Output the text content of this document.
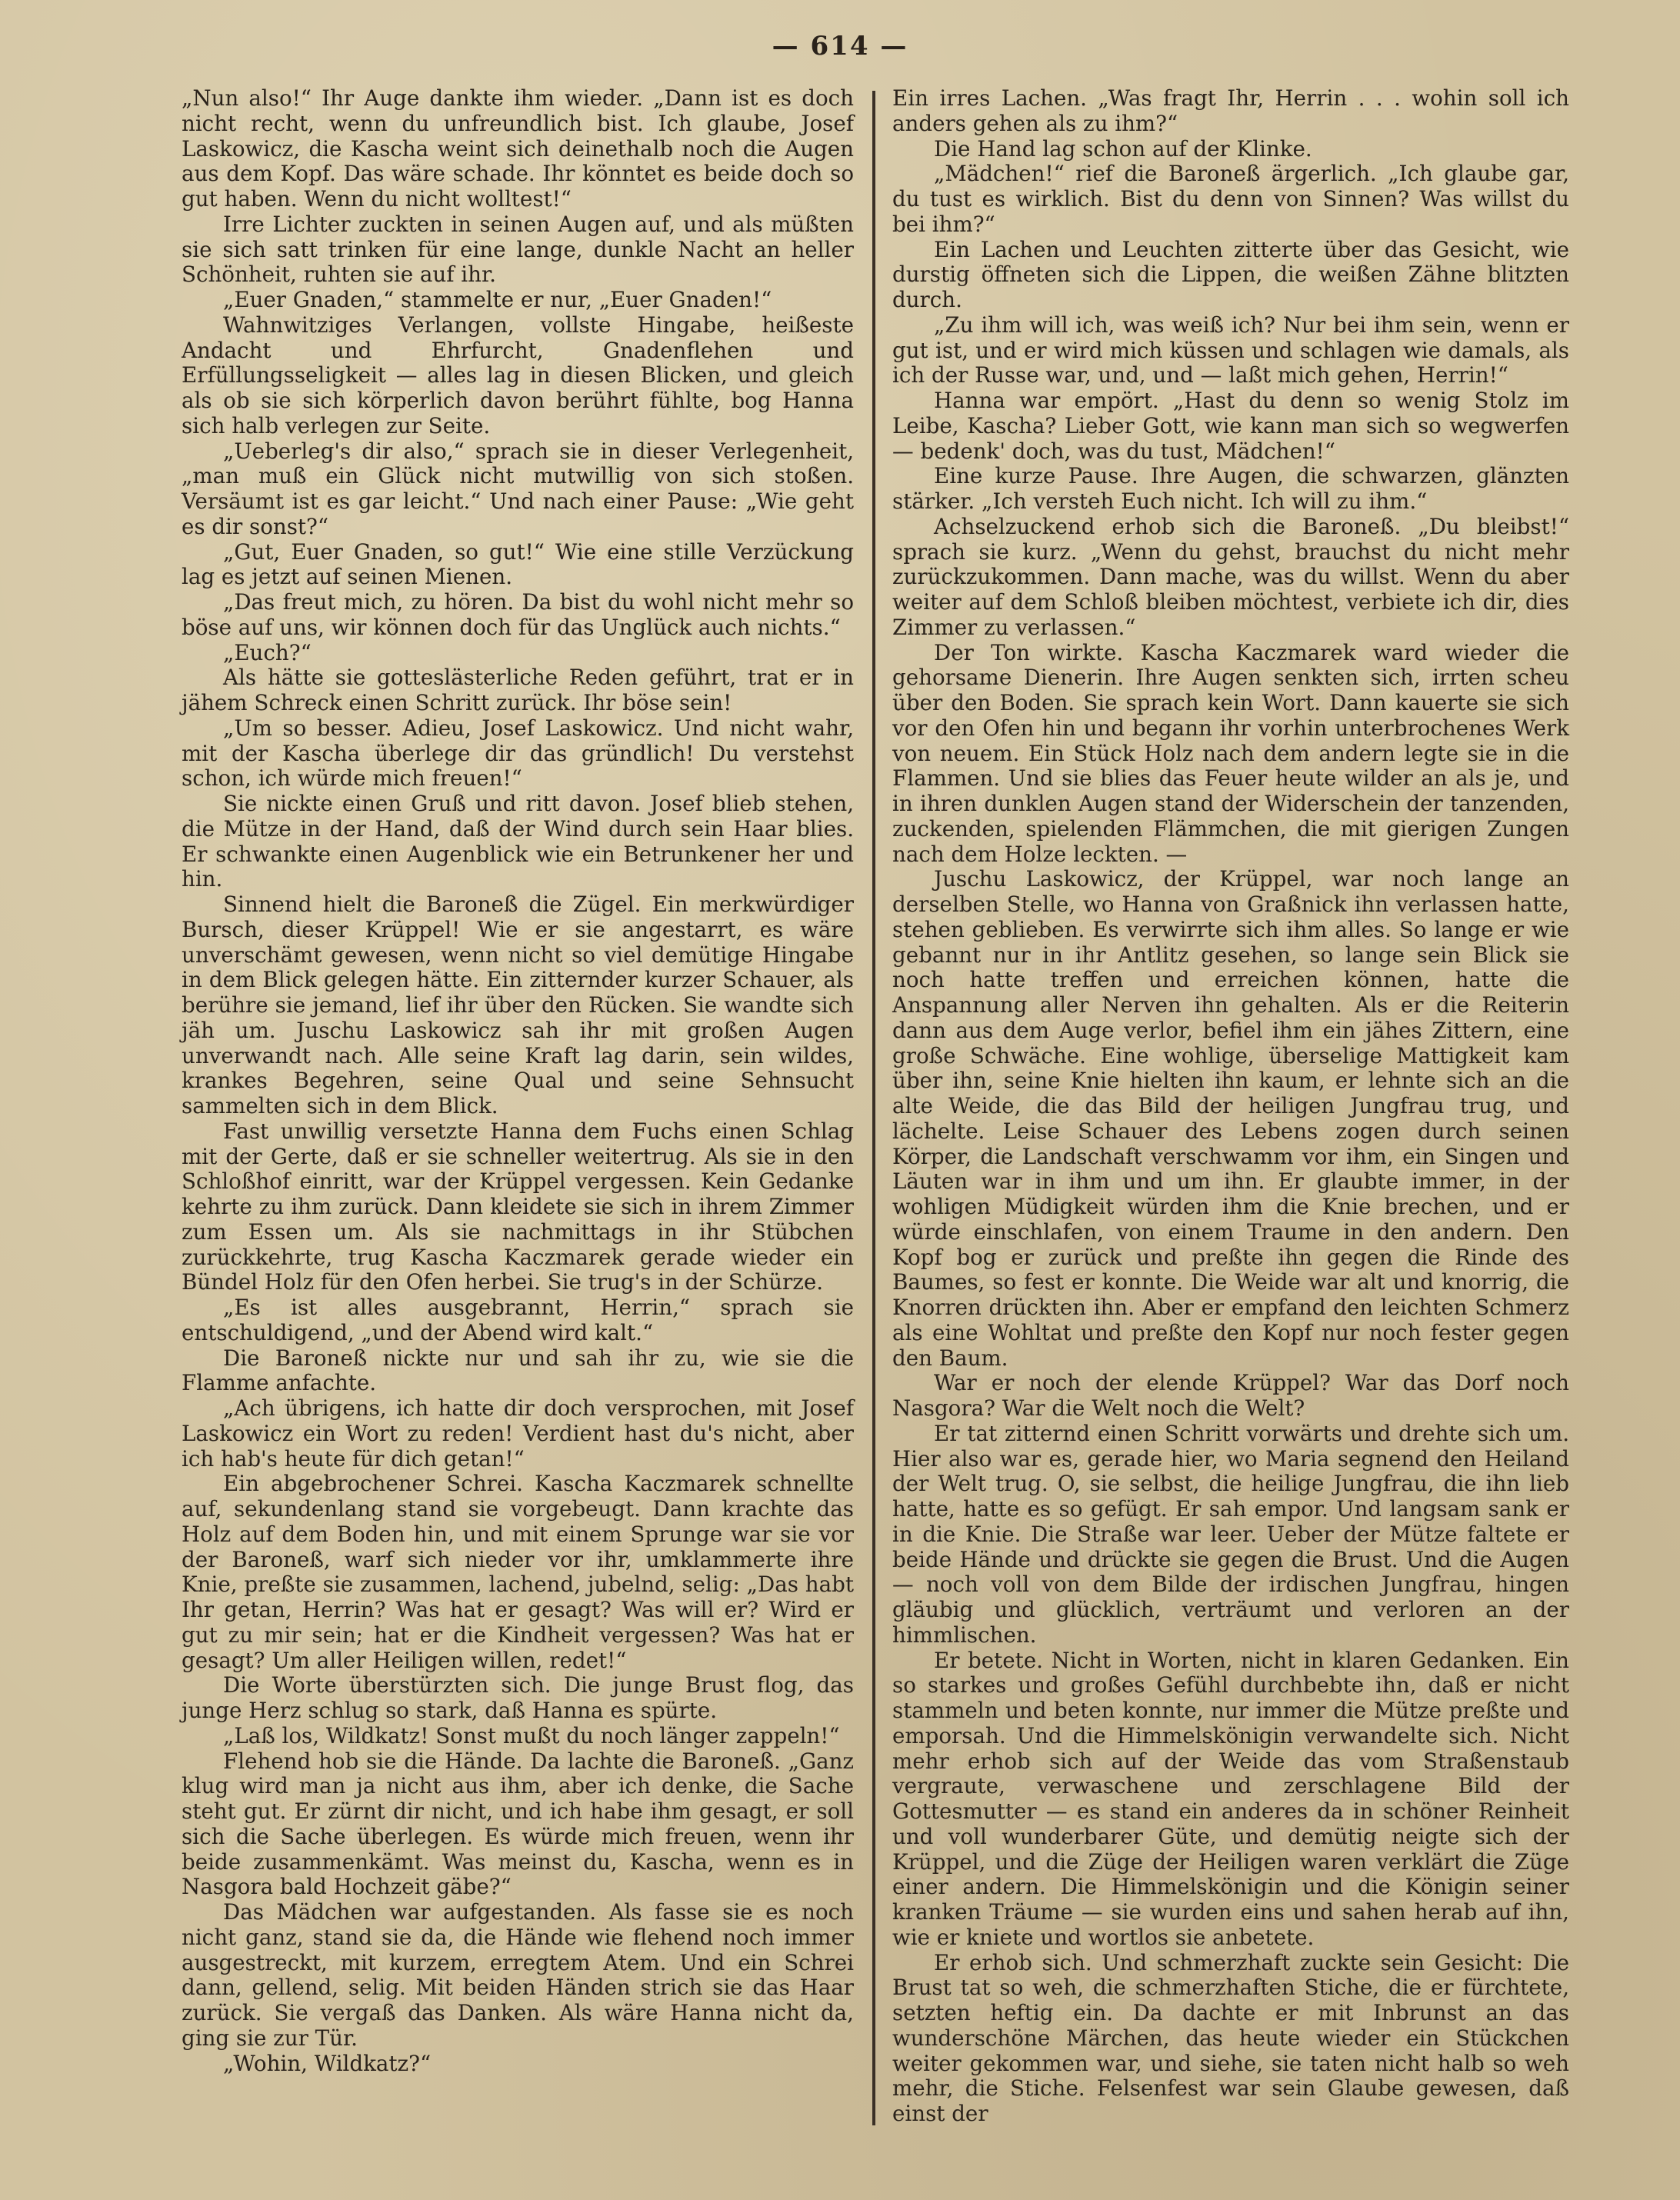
— 614 —

„Nun also!“ Ihr Auge dankte ihm wieder. „Dann ist es doch nicht recht, wenn du unfreundlich bist. Ich glaube, Josef Laskowicz, die Kascha weint sich deinethalb noch die Augen aus dem Kopf. Das wäre schade. Ihr könntet es beide doch so gut haben. Wenn du nicht wolltest!“

Irre Lichter zuckten in seinen Augen auf, und als müßten sie sich satt trinken für eine lange, dunkle Nacht an heller Schönheit, ruhten sie auf ihr.

„Euer Gnaden,“ stammelte er nur, „Euer Gnaden!“

Wahnwitziges Verlangen, vollste Hingabe, heißeste Andacht und Ehrfurcht, Gnadenflehen und Erfüllungsseligkeit — alles lag in diesen Blicken, und gleich als ob sie sich körperlich davon berührt fühlte, bog Hanna sich halb verlegen zur Seite.

„Ueberleg's dir also,“ sprach sie in dieser Verlegenheit, „man muß ein Glück nicht mutwillig von sich stoßen. Versäumt ist es gar leicht.“ Und nach einer Pause: „Wie geht es dir sonst?“

„Gut, Euer Gnaden, so gut!“ Wie eine stille Verzückung lag es jetzt auf seinen Mienen.

„Das freut mich, zu hören. Da bist du wohl nicht mehr so böse auf uns, wir können doch für das Unglück auch nichts.“

„Euch?“

Als hätte sie gotteslästerliche Reden geführt, trat er in jähem Schreck einen Schritt zurück. Ihr böse sein!

„Um so besser. Adieu, Josef Laskowicz. Und nicht wahr, mit der Kascha überlege dir das gründlich! Du verstehst schon, ich würde mich freuen!“

Sie nickte einen Gruß und ritt davon. Josef blieb stehen, die Mütze in der Hand, daß der Wind durch sein Haar blies. Er schwankte einen Augenblick wie ein Betrunkener her und hin.

Sinnend hielt die Baroneß die Zügel. Ein merkwürdiger Bursch, dieser Krüppel! Wie er sie angestarrt, es wäre unverschämt gewesen, wenn nicht so viel demütige Hingabe in dem Blick gelegen hätte. Ein zitternder kurzer Schauer, als berühre sie jemand, lief ihr über den Rücken. Sie wandte sich jäh um. Juschu Laskowicz sah ihr mit großen Augen unverwandt nach. Alle seine Kraft lag darin, sein wildes, krankes Begehren, seine Qual und seine Sehnsucht sammelten sich in dem Blick.

Fast unwillig versetzte Hanna dem Fuchs einen Schlag mit der Gerte, daß er sie schneller weitertrug. Als sie in den Schloßhof einritt, war der Krüppel vergessen. Kein Gedanke kehrte zu ihm zurück. Dann kleidete sie sich in ihrem Zimmer zum Essen um. Als sie nachmittags in ihr Stübchen zurückkehrte, trug Kascha Kaczmarek gerade wieder ein Bündel Holz für den Ofen herbei. Sie trug's in der Schürze.

„Es ist alles ausgebrannt, Herrin,“ sprach sie entschuldigend, „und der Abend wird kalt.“

Die Baroneß nickte nur und sah ihr zu, wie sie die Flamme anfachte.

„Ach übrigens, ich hatte dir doch versprochen, mit Josef Laskowicz ein Wort zu reden! Verdient hast du's nicht, aber ich hab's heute für dich getan!“

Ein abgebrochener Schrei. Kascha Kaczmarek schnellte auf, sekundenlang stand sie vorgebeugt. Dann krachte das Holz auf dem Boden hin, und mit einem Sprunge war sie vor der Baroneß, warf sich nieder vor ihr, umklammerte ihre Knie, preßte sie zusammen, lachend, jubelnd, selig: „Das habt Ihr getan, Herrin? Was hat er gesagt? Was will er? Wird er gut zu mir sein; hat er die Kindheit vergessen? Was hat er gesagt? Um aller Heiligen willen, redet!“

Die Worte überstürzten sich. Die junge Brust flog, das junge Herz schlug so stark, daß Hanna es spürte.

„Laß los, Wildkatz! Sonst mußt du noch länger zappeln!“

Flehend hob sie die Hände. Da lachte die Baroneß. „Ganz klug wird man ja nicht aus ihm, aber ich denke, die Sache steht gut. Er zürnt dir nicht, und ich habe ihm gesagt, er soll sich die Sache überlegen. Es würde mich freuen, wenn ihr beide zusammenkämt. Was meinst du, Kascha, wenn es in Nasgora bald Hochzeit gäbe?“

Das Mädchen war aufgestanden. Als fasse sie es noch nicht ganz, stand sie da, die Hände wie flehend noch immer ausgestreckt, mit kurzem, erregtem Atem. Und ein Schrei dann, gellend, selig. Mit beiden Händen strich sie das Haar zurück. Sie vergaß das Danken. Als wäre Hanna nicht da, ging sie zur Tür.

„Wohin, Wildkatz?“

Ein irres Lachen. „Was fragt Ihr, Herrin . . . wohin soll ich anders gehen als zu ihm?“

Die Hand lag schon auf der Klinke.

„Mädchen!“ rief die Baroneß ärgerlich. „Ich glaube gar, du tust es wirklich. Bist du denn von Sinnen? Was willst du bei ihm?“

Ein Lachen und Leuchten zitterte über das Gesicht, wie durstig öffneten sich die Lippen, die weißen Zähne blitzten durch.

„Zu ihm will ich, was weiß ich? Nur bei ihm sein, wenn er gut ist, und er wird mich küssen und schlagen wie damals, als ich der Russe war, und, und — laßt mich gehen, Herrin!“

Hanna war empört. „Hast du denn so wenig Stolz im Leibe, Kascha? Lieber Gott, wie kann man sich so wegwerfen — bedenk' doch, was du tust, Mädchen!“

Eine kurze Pause. Ihre Augen, die schwarzen, glänzten stärker. „Ich versteh Euch nicht. Ich will zu ihm.“

Achselzuckend erhob sich die Baroneß. „Du bleibst!“ sprach sie kurz. „Wenn du gehst, brauchst du nicht mehr zurückzukommen. Dann mache, was du willst. Wenn du aber weiter auf dem Schloß bleiben möchtest, verbiete ich dir, dies Zimmer zu verlassen.“

Der Ton wirkte. Kascha Kaczmarek ward wieder die gehorsame Dienerin. Ihre Augen senkten sich, irrten scheu über den Boden. Sie sprach kein Wort. Dann kauerte sie sich vor den Ofen hin und begann ihr vorhin unterbrochenes Werk von neuem. Ein Stück Holz nach dem andern legte sie in die Flammen. Und sie blies das Feuer heute wilder an als je, und in ihren dunklen Augen stand der Widerschein der tanzenden, zuckenden, spielenden Flämmchen, die mit gierigen Zungen nach dem Holze leckten. —

Juschu Laskowicz, der Krüppel, war noch lange an derselben Stelle, wo Hanna von Graßnick ihn verlassen hatte, stehen geblieben. Es verwirrte sich ihm alles. So lange er wie gebannt nur in ihr Antlitz gesehen, so lange sein Blick sie noch hatte treffen und erreichen können, hatte die Anspannung aller Nerven ihn gehalten. Als er die Reiterin dann aus dem Auge verlor, befiel ihm ein jähes Zittern, eine große Schwäche. Eine wohlige, überselige Mattigkeit kam über ihn, seine Knie hielten ihn kaum, er lehnte sich an die alte Weide, die das Bild der heiligen Jungfrau trug, und lächelte. Leise Schauer des Lebens zogen durch seinen Körper, die Landschaft verschwamm vor ihm, ein Singen und Läuten war in ihm und um ihn. Er glaubte immer, in der wohligen Müdigkeit würden ihm die Knie brechen, und er würde einschlafen, von einem Traume in den andern. Den Kopf bog er zurück und preßte ihn gegen die Rinde des Baumes, so fest er konnte. Die Weide war alt und knorrig, die Knorren drückten ihn. Aber er empfand den leichten Schmerz als eine Wohltat und preßte den Kopf nur noch fester gegen den Baum.

War er noch der elende Krüppel? War das Dorf noch Nasgora? War die Welt noch die Welt?

Er tat zitternd einen Schritt vorwärts und drehte sich um. Hier also war es, gerade hier, wo Maria segnend den Heiland der Welt trug. O, sie selbst, die heilige Jungfrau, die ihn lieb hatte, hatte es so gefügt. Er sah empor. Und langsam sank er in die Knie. Die Straße war leer. Ueber der Mütze faltete er beide Hände und drückte sie gegen die Brust. Und die Augen — noch voll von dem Bilde der irdischen Jungfrau, hingen gläubig und glücklich, verträumt und verloren an der himmlischen.

Er betete. Nicht in Worten, nicht in klaren Gedanken. Ein so starkes und großes Gefühl durchbebte ihn, daß er nicht stammeln und beten konnte, nur immer die Mütze preßte und emporsah. Und die Himmelskönigin verwandelte sich. Nicht mehr erhob sich auf der Weide das vom Straßenstaub vergraute, verwaschene und zerschlagene Bild der Gottesmutter — es stand ein anderes da in schöner Reinheit und voll wunderbarer Güte, und demütig neigte sich der Krüppel, und die Züge der Heiligen waren verklärt die Züge einer andern. Die Himmelskönigin und die Königin seiner kranken Träume — sie wurden eins und sahen herab auf ihn, wie er kniete und wortlos sie anbetete.

Er erhob sich. Und schmerzhaft zuckte sein Gesicht: Die Brust tat so weh, die schmerzhaften Stiche, die er fürchtete, setzten heftig ein. Da dachte er mit Inbrunst an das wunderschöne Märchen, das heute wieder ein Stückchen weiter gekommen war, und siehe, sie taten nicht halb so weh mehr, die Stiche. Felsenfest war sein Glaube gewesen, daß einst der
